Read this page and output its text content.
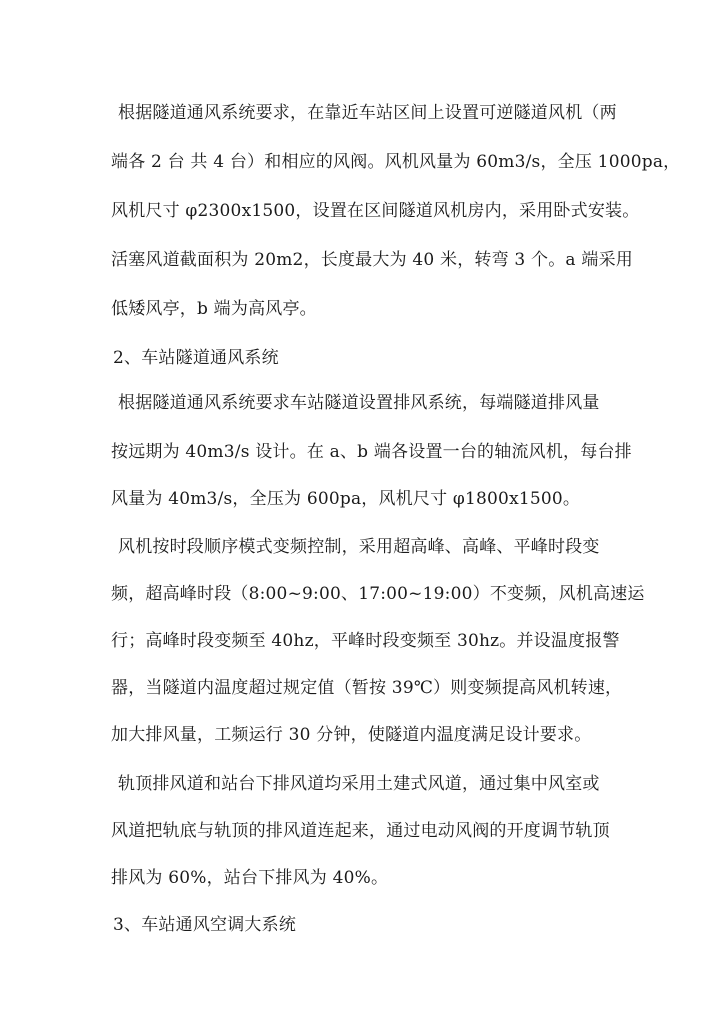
根据隧道通风系统要求，在靠近车站区间上设置可逆隧道风机（两

端各 2 台 共 4 台）和相应的风阀。风机风量为 60m3/s，全压 1000pa，

风机尺寸 φ2300x1500，设置在区间隧道风机房内，采用卧式安装。

活塞风道截面积为 20m2，长度最大为 40 米，转弯 3 个。a 端采用

低矮风亭，b 端为高风亭。

2、车站隧道通风系统

根据隧道通风系统要求车站隧道设置排风系统，每端隧道排风量

按远期为 40m3/s 设计。在 a、b 端各设置一台的轴流风机，每台排

风量为 40m3/s，全压为 600pa，风机尺寸 φ1800x1500。

风机按时段顺序模式变频控制，采用超高峰、高峰、平峰时段变

频，超高峰时段（8:00~9:00、17:00~19:00）不变频，风机高速运

行；高峰时段变频至 40hz，平峰时段变频至 30hz。并设温度报警

器，当隧道内温度超过规定值（暂按 39℃）则变频提高风机转速，

加大排风量，工频运行 30 分钟，使隧道内温度满足设计要求。

轨顶排风道和站台下排风道均采用土建式风道，通过集中风室或

风道把轨底与轨顶的排风道连起来，通过电动风阀的开度调节轨顶

排风为 60%，站台下排风为 40%。

3、车站通风空调大系统
